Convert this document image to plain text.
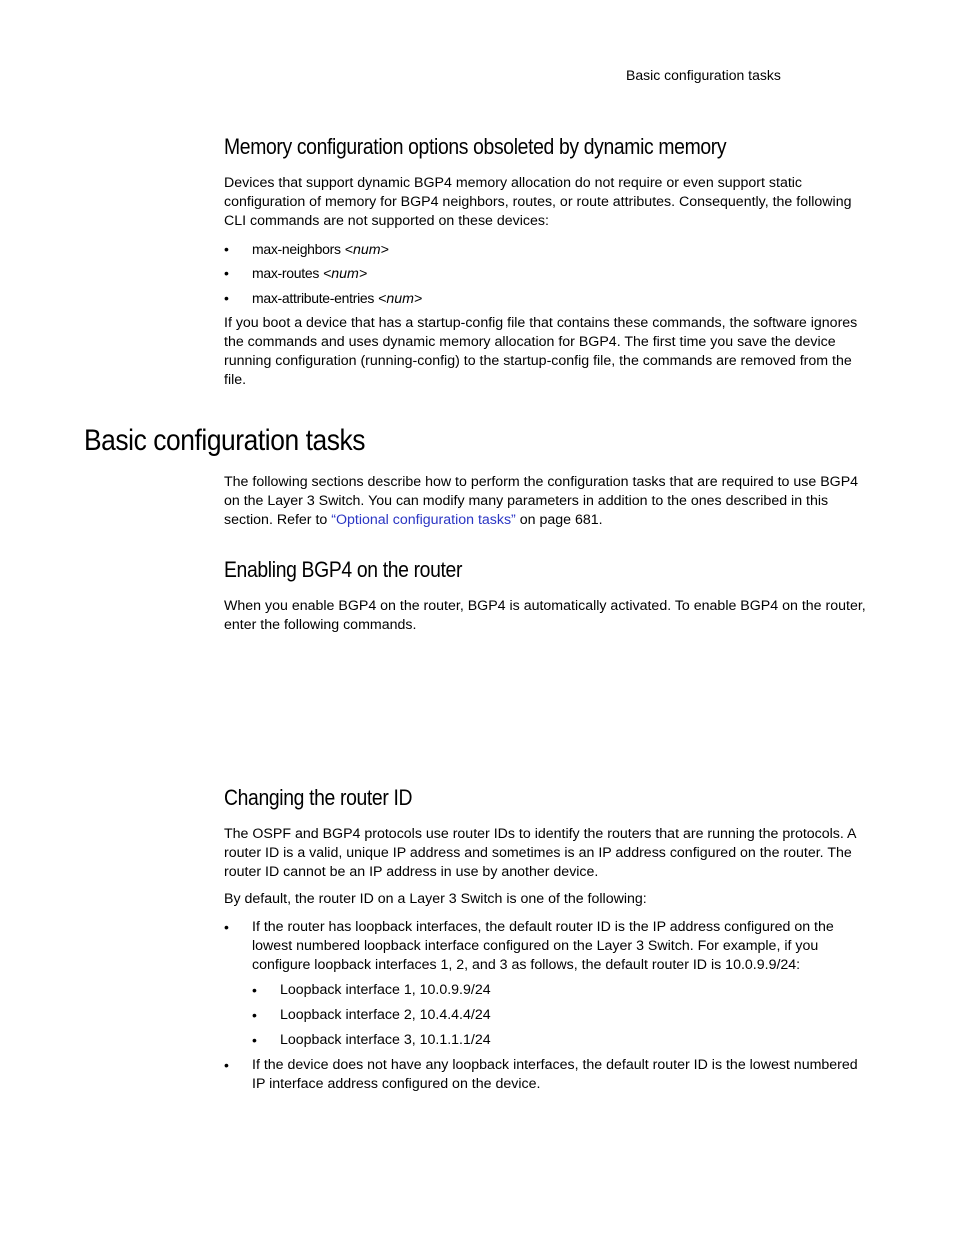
Basic configuration tasks
Memory configuration options obsoleted by dynamic memory

Devices that support dynamic BGP4 memory allocation do not require or even support static configuration of memory for BGP4 neighbors, routes, or route attributes. Consequently, the following CLI commands are not supported on these devices:

• max-neighbors <num>
• max-routes <num>
• max-attribute-entries <num>

If you boot a device that has a startup-config file that contains these commands, the software ignores the commands and uses dynamic memory allocation for BGP4. The first time you save the device running configuration (running-config) to the startup-config file, the commands are removed from the file.

Basic configuration tasks

The following sections describe how to perform the configuration tasks that are required to use BGP4 on the Layer 3 Switch. You can modify many parameters in addition to the ones described in this section. Refer to “Optional configuration tasks” on page 681.

Enabling BGP4 on the router

When you enable BGP4 on the router, BGP4 is automatically activated. To enable BGP4 on the router, enter the following commands.

Changing the router ID

The OSPF and BGP4 protocols use router IDs to identify the routers that are running the protocols. A router ID is a valid, unique IP address and sometimes is an IP address configured on the router. The router ID cannot be an IP address in use by another device.

By default, the router ID on a Layer 3 Switch is one of the following:

• If the router has loopback interfaces, the default router ID is the IP address configured on the lowest numbered loopback interface configured on the Layer 3 Switch. For example, if you configure loopback interfaces 1, 2, and 3 as follows, the default router ID is 10.0.9.9/24:
• Loopback interface 1, 10.0.9.9/24
• Loopback interface 2, 10.4.4.4/24
• Loopback interface 3, 10.1.1.1/24
• If the device does not have any loopback interfaces, the default router ID is the lowest numbered IP interface address configured on the device.
